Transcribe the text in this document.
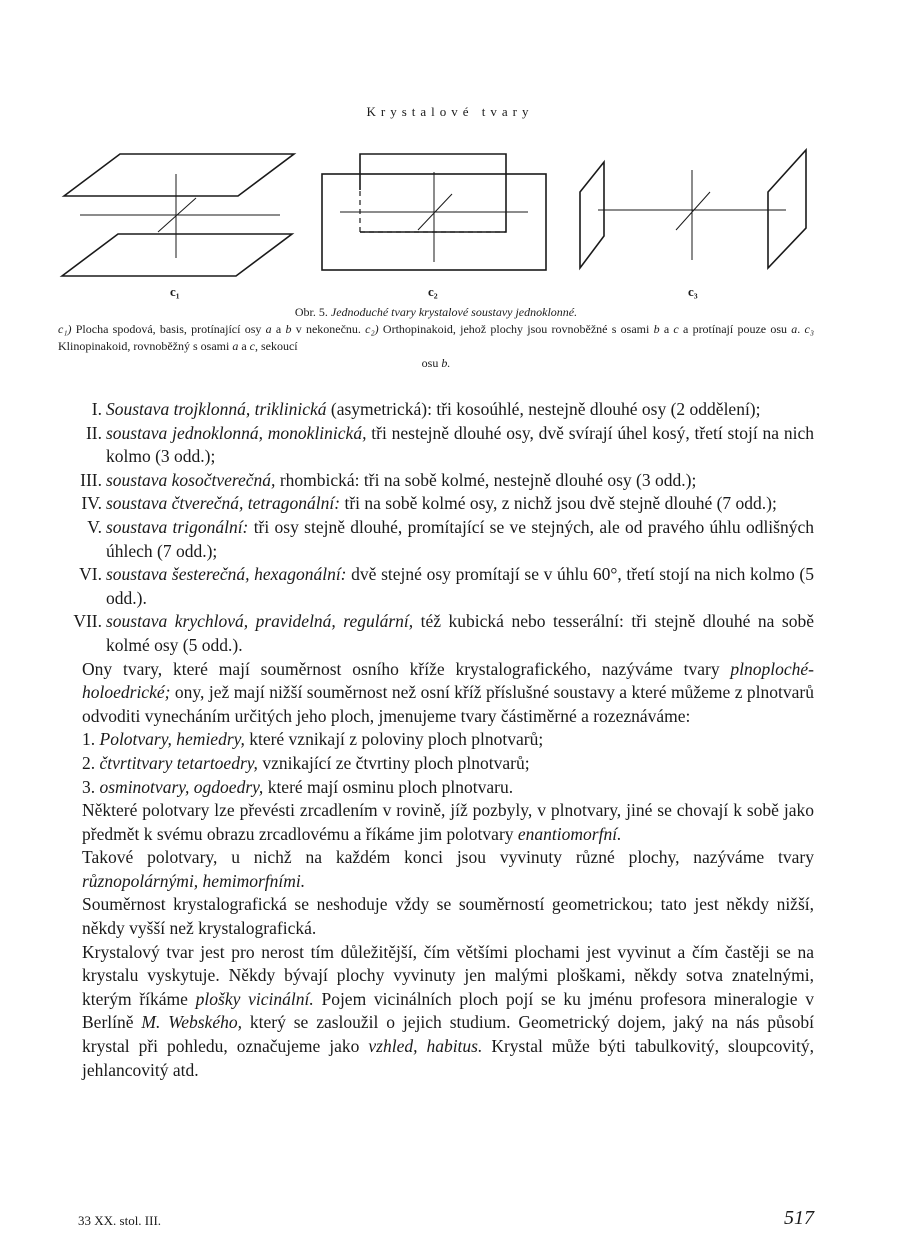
Krystalové tvary
c₁	c₂	c₃
Obr. 5. Jednoduché tvary krystalové soustavy jednoklonné.
c₁) Plocha spodová, basis, protínající osy a a b v nekonečnu. c₂) Orthopinakoid, jehož plochy jsou rovnoběžné s osami b a c a protínají pouze osu a. c₃ Klinopinakoid, rovnoběžný s osami a a c, sekoucí
osu b.
I. Soustava trojklonná, triklinická (asymetrická): tři kosoúhlé, nestejně dlouhé osy (2 oddělení);
II. soustava jednoklonná, monoklinická, tři nestejně dlouhé osy, dvě svírají úhel kosý, třetí stojí na nich kolmo (3 odd.);
III. soustava kosočtverečná, rhombická: tři na sobě kolmé, nestejně dlouhé osy (3 odd.);
IV. soustava čtverečná, tetragonální: tři na sobě kolmé osy, z nichž jsou dvě stejně dlouhé (7 odd.);
V. soustava trigonální: tři osy stejně dlouhé, promítající se ve stejných, ale od pravého úhlu odlišných úhlech (7 odd.);
VI. soustava šesterečná, hexagonální: dvě stejné osy promítají se v úhlu 60°, třetí stojí na nich kolmo (5 odd.).
VII. soustava krychlová, pravidelná, regulární, též kubická nebo tesserální: tři stejně dlouhé na sobě kolmé osy (5 odd.).
Ony tvary, které mají souměrnost osního kříže krystalografického, nazýváme tvary plnoploché-holoedrické; ony, jež mají nižší souměrnost než osní kříž příslušné soustavy a které můžeme z plnotvarů odvoditi vynecháním určitých jeho ploch, jmenujeme tvary částiměrné a rozeznáváme:
1. Polotvary, hemiedry, které vznikají z poloviny ploch plnotvarů;
2. čtvrtitvary tetartoedry, vznikající ze čtvrtiny ploch plnotvarů;
3. osminotvary, ogdoedry, které mají osminu ploch plnotvaru.
Některé polotvary lze převésti zrcadlením v rovině, jíž pozbyly, v plnotvary, jiné se chovají k sobě jako předmět k svému obrazu zrcadlovému a říkáme jim polotvary enantiomorfní.
Takové polotvary, u nichž na každém konci jsou vyvinuty různé plochy, nazýváme tvary různopolárnými, hemimorfními.
Souměrnost krystalografická se neshoduje vždy se souměrností geometrickou; tato jest někdy nižší, někdy vyšší než krystalografická.
Krystalový tvar jest pro nerost tím důležitější, čím většími plochami jest vyvinut a čím častěji se na krystalu vyskytuje. Někdy bývají plochy vyvinuty jen malými ploškami, někdy sotva znatelnými, kterým říkáme plošky vicinální. Pojem vicinálních ploch pojí se ku jménu profesora mineralogie v Berlíně M. Webského, který se zasloužil o jejich studium. Geometrický dojem, jaký na nás působí krystal při pohledu, označujeme jako vzhled, habitus. Krystal může býti tabulkovitý, sloupcovitý, jehlancovitý atd.
33 XX. stol. III.	517
